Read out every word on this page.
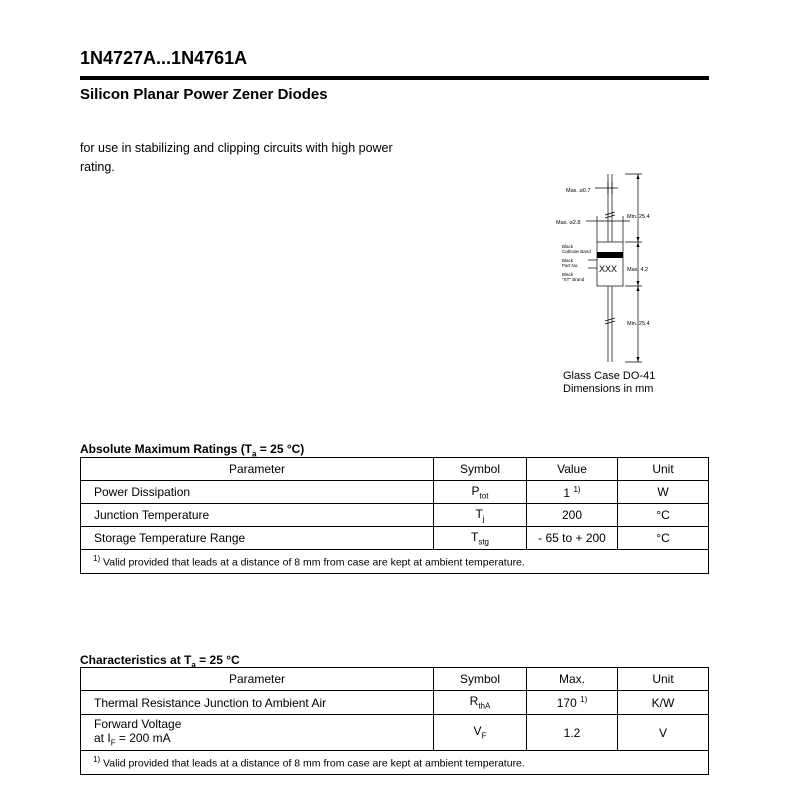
1N4727A...1N4761A
Silicon Planar Power Zener Diodes

for use in stabilizing and clipping circuits with high power rating.

Max. ⌀0.7
Max. ⌀2.8
Min. 25.4
Max. 4.2
Min. 25.4
XXX
Black
Cathode Band
Black
Part No.
Black
"ST" Brand
Glass Case DO-41
Dimensions in mm
Absolute Maximum Ratings ($T_a = 25$ °C)
Parameter	Symbol	Value	Unit
Power Dissipation	$P_{tot}$	1 $^{1)}$	W
Junction Temperature	$T_j$	200	°C
Storage Temperature Range	$T_{stg}$	- 65 to + 200	°C
$^{1)}$ Valid provided that leads at a distance of 8 mm from case are kept at ambient temperature.			
Characteristics at $T_a = 25$ °C
Parameter	Symbol	Max.	Unit
Thermal Resistance Junction to Ambient Air	$R_{thA}$	170 $^{1)}$	K/W

Forward Voltage
at $I_F = 200$ mA	$V_F$	1.2	V
$^{1)}$ Valid provided that leads at a distance of 8 mm from case are kept at ambient temperature.			
